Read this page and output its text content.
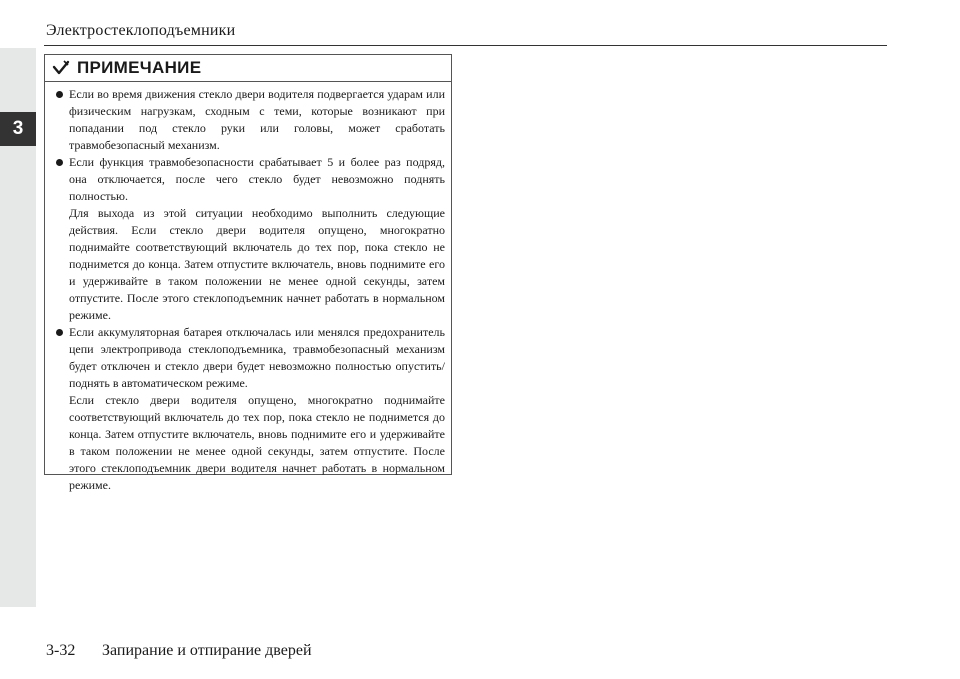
3
Электростеклоподъемники
ПРИМЕЧАНИЕ

Если во время движения стекло двери водителя подвергается ударам или физическим нагрузкам, сходным с теми, которые возникают при попадании под стекло руки или головы, может сработать травмобезопасный механизм.

Если функция травмобезопасности срабатывает 5 и более раз подряд, она отключается, после чего стекло будет невозможно поднять полностью.

Для выхода из этой ситуации необходимо выполнить следующие действия. Если стекло двери водителя опущено, многократно поднимайте соответствующий включатель до тех пор, пока стекло не поднимется до конца. Затем отпустите включатель, вновь поднимите его и удерживайте в таком положении не менее одной секунды, затем отпустите. После этого стеклоподъемник начнет работать в нормальном режиме.

Если аккумуляторная батарея отключалась или менялся предохранитель цепи электропривода стеклоподъемника, травмобезопасный механизм будет отключен и стекло двери будет невозможно полностью опустить/поднять в автоматическом режиме.

Если стекло двери водителя опущено, многократно поднимайте соответствующий включатель до тех пор, пока стекло не поднимется до конца. Затем отпустите включатель, вновь поднимите его и удерживайте в таком положении не менее одной секунды, затем отпустите. После этого стеклоподъемник двери водителя начнет работать в нормальном режиме.

3-32 Запирание и отпирание дверей
